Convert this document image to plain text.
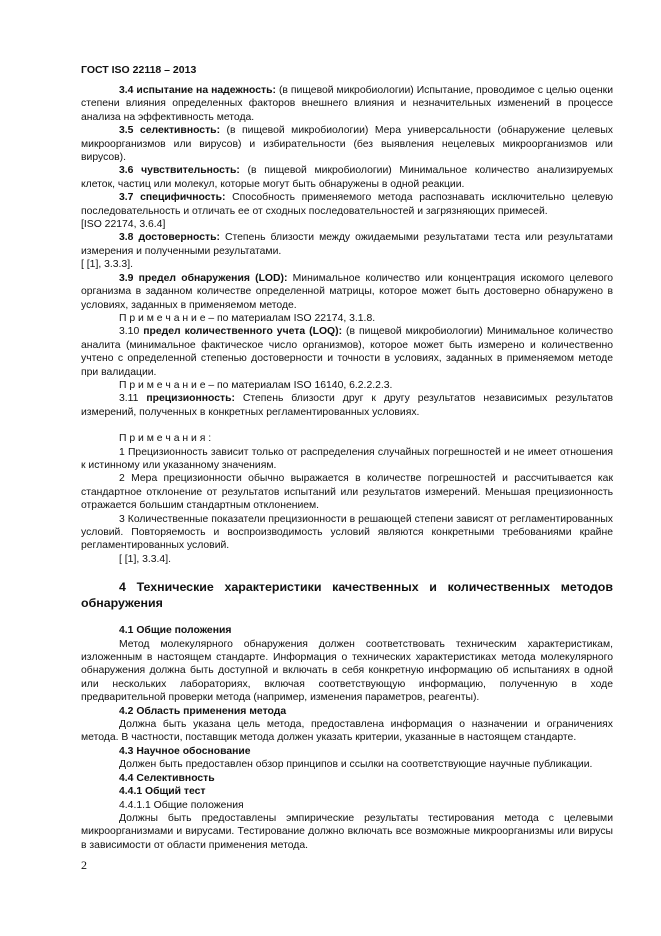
ГОСТ ISO 22118 – 2013

3.4 испытание на надежность: (в пищевой микробиологии) Испытание, проводимое с целью оценки степени влияния определенных факторов внешнего влияния и незначительных изменений в процессе анализа на эффективность метода.

3.5 селективность: (в пищевой микробиологии) Мера универсальности (обнаружение целевых микроорганизмов или вирусов) и избирательности (без выявления нецелевых микроорганизмов или вирусов).

3.6 чувствительность: (в пищевой микробиологии) Минимальное количество анализируемых клеток, частиц или молекул, которые могут быть обнаружены в одной реакции.

3.7 специфичность: Способность применяемого метода распознавать исключительно целевую последовательность и отличать ее от сходных последовательностей и загрязняющих примесей.

[ISO 22174, 3.6.4]

3.8 достоверность: Степень близости между ожидаемыми результатами теста или результатами измерения и полученными результатами.

[ [1], 3.3.3].

3.9 предел обнаружения (LOD): Минимальное количество или концентрация искомого целевого организма в заданном количестве определенной матрицы, которое может быть достоверно обнаружено в условиях, заданных в применяемом методе.

П р и м е ч а н и е – по материалам ISO 22174, 3.1.8.

3.10 предел количественного учета (LOQ): (в пищевой микробиологии) Минимальное количество аналита (минимальное фактическое число организмов), которое может быть измерено и количественно учтено с определенной степенью достоверности и точности в условиях, заданных в применяемом методе при валидации.

П р и м е ч а н и е – по материалам ISO 16140, 6.2.2.2.3.

3.11 прецизионность: Степень близости друг к другу результатов независимых результатов измерений, полученных в конкретных регламентированных условиях.

П р и м е ч а н и я :

1 Прецизионность зависит только от распределения случайных погрешностей и не имеет отношения к истинному или указанному значениям.

2 Мера прецизионности обычно выражается в количестве погрешностей и рассчитывается как стандартное отклонение от результатов испытаний или результатов измерений. Меньшая прецизионность отражается большим стандартным отклонением.

3 Количественные показатели прецизионности в решающей степени зависят от регламентированных условий. Повторяемость и воспроизводимость условий являются конкретными требованиями крайне регламентированных условий.

[ [1], 3.3.4].

4 Технические характеристики качественных и количественных методов обнаружения

4.1 Общие положения

Метод молекулярного обнаружения должен соответствовать техническим характеристикам, изложенным в настоящем стандарте. Информация о технических характеристиках метода молекулярного обнаружения должна быть доступной и включать в себя конкретную информацию об испытаниях в одной или нескольких лабораториях, включая соответствующую информацию, полученную в ходе предварительной проверки метода (например, изменения параметров, реагенты).

4.2 Область применения метода

Должна быть указана цель метода, предоставлена информация о назначении и ограничениях метода. В частности, поставщик метода должен указать критерии, указанные в настоящем стандарте.

4.3 Научное обоснование

Должен быть предоставлен обзор принципов и ссылки на соответствующие научные публикации.

4.4 Селективность

4.4.1 Общий тест

4.4.1.1 Общие положения

Должны быть предоставлены эмпирические результаты тестирования метода с целевыми микроорганизмами и вирусами. Тестирование должно включать все возможные микроорганизмы или вирусы в зависимости от области применения метода.

2
